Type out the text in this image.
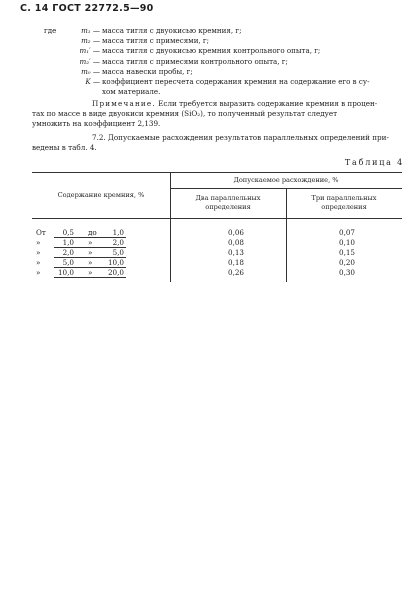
С. 14 ГОСТ 22772.5—90
где	m₁ — масса тигля с двуокисью кремния, г;
m₂ — масса тигля с примесями, г;
m₁′ — масса тигля с двуокисью кремния контрольного опыта, г;
m₂′ — масса тигля с примесями контрольного опыта, г;
m₀ — масса навески пробы, г;
K — коэффициент пересчета содержания кремния на содержание его в су-
хом материале.
Примечание. Если требуется выразить содержание кремния в процен-
тах по массе в виде двуокиси кремния (SiO₂), то полученный результат следует
умножить на коэффициент 2,139.
7.2. Допускаемые расхождения результатов параллельных определений при-
ведены в табл. 4.
Таблица 4
Содержание кремния, %
Допускаемое расхождение, %
Два параллельных
определения
Три параллельных
определения
От	0,5 до	1,0	0,06	0,07
»	1,0 »	2,0	0,08	0,10
»	2,0 »	5,0	0,13	0,15
»	5,0 »	10,0	0,18	0,20
» 10,0 »	20,0	0,26	0,30
